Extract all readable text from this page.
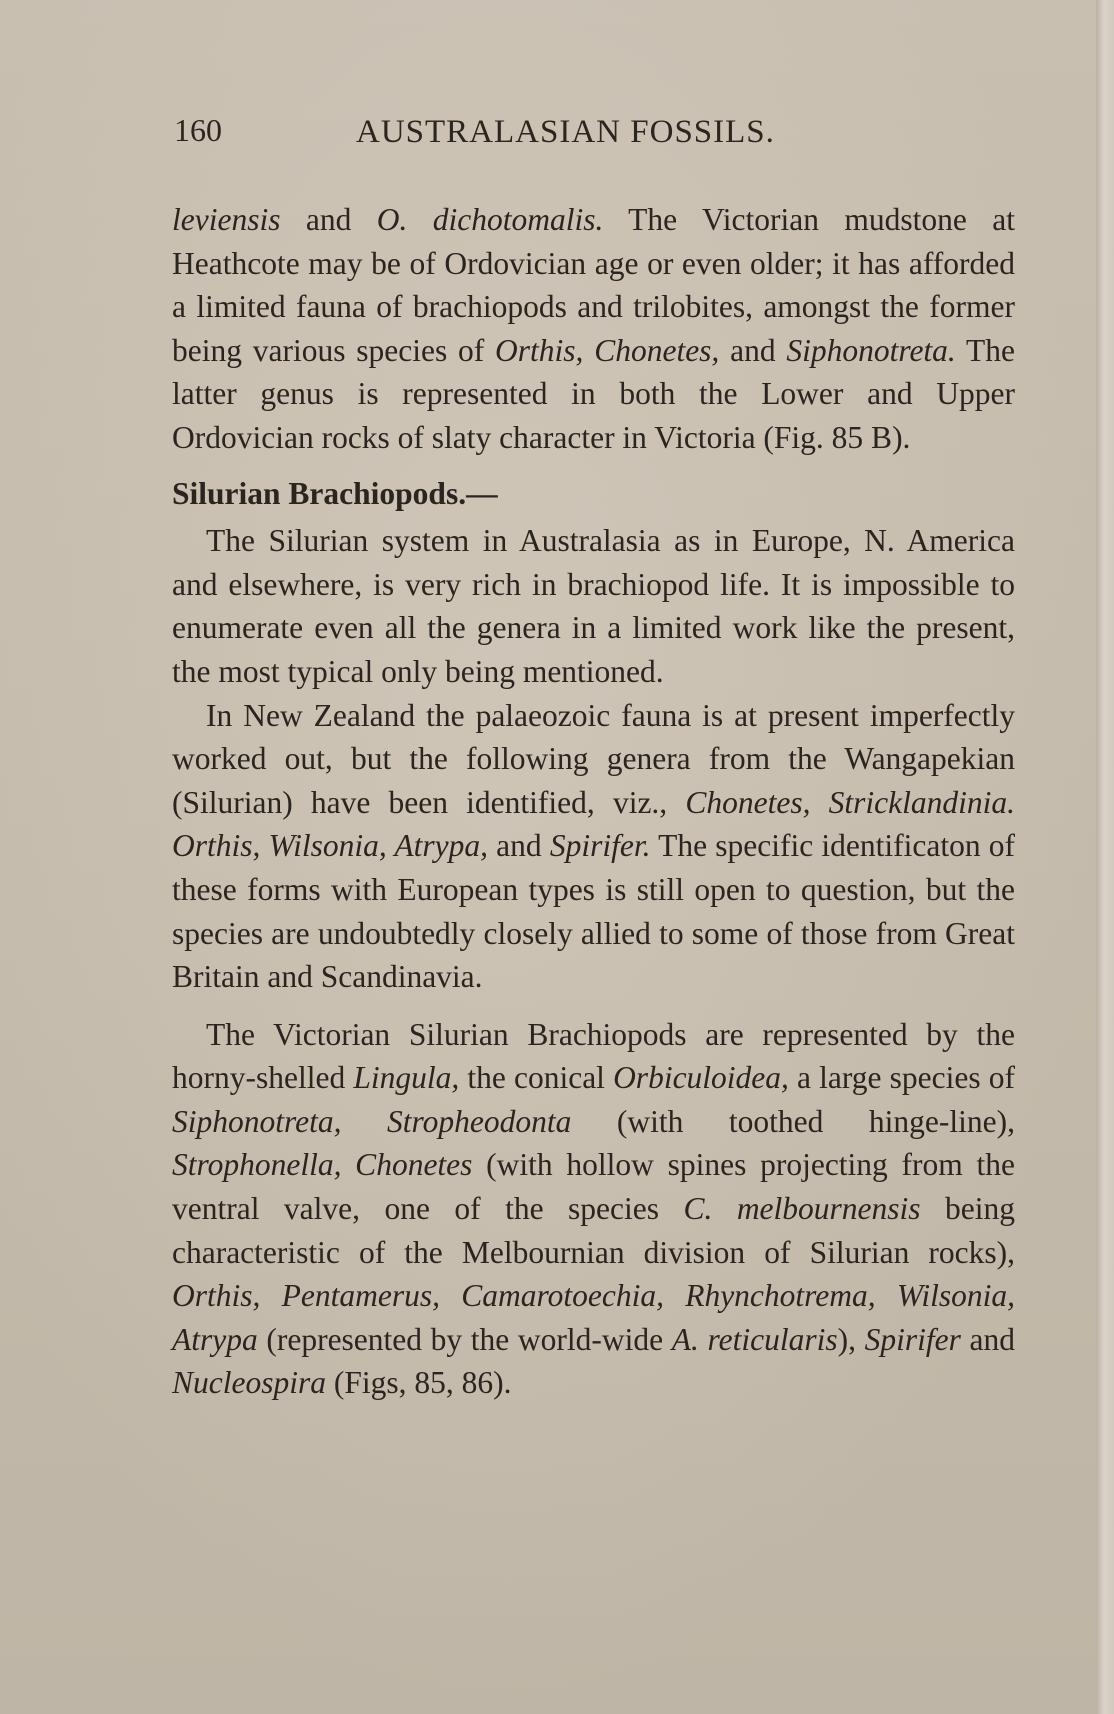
160	AUSTRALASIAN FOSSILS.

leviensis and O. dichotomalis. The Victorian mudstone at Heathcote may be of Ordovician age or even older; it has afforded a limited fauna of brachiopods and trilobites, amongst the former being various species of Orthis, Chonetes, and Siphonotreta. The latter genus is represented in both the Lower and Upper Ordovician rocks of slaty character in Victoria (Fig. 85 B).

Silurian Brachiopods.—

The Silurian system in Australasia as in Europe, N. America and elsewhere, is very rich in brachiopod life. It is impossible to enumerate even all the genera in a limited work like the present, the most typical only being mentioned.

In New Zealand the palaeozoic fauna is at present imperfectly worked out, but the following genera from the Wangapekian (Silurian) have been identified, viz., Chonetes, Stricklandinia. Orthis, Wilsonia, Atrypa, and Spirifer. The specific identificaton of these forms with European types is still open to question, but the species are undoubtedly closely allied to some of those from Great Britain and Scandinavia.

The Victorian Silurian Brachiopods are represented by the horny-shelled Lingula, the conical Orbiculoidea, a large species of Siphonotreta, Stropheodonta (with toothed hinge-line), Strophonella, Chonetes (with hollow spines projecting from the ventral valve, one of the species C. melbournensis being characteristic of the Melbournian division of Silurian rocks), Orthis, Pentamerus, Camarotoechia, Rhynchotrema, Wilsonia, Atrypa (represented by the world-wide A. reticularis), Spirifer and Nucleospira (Figs, 85, 86).
